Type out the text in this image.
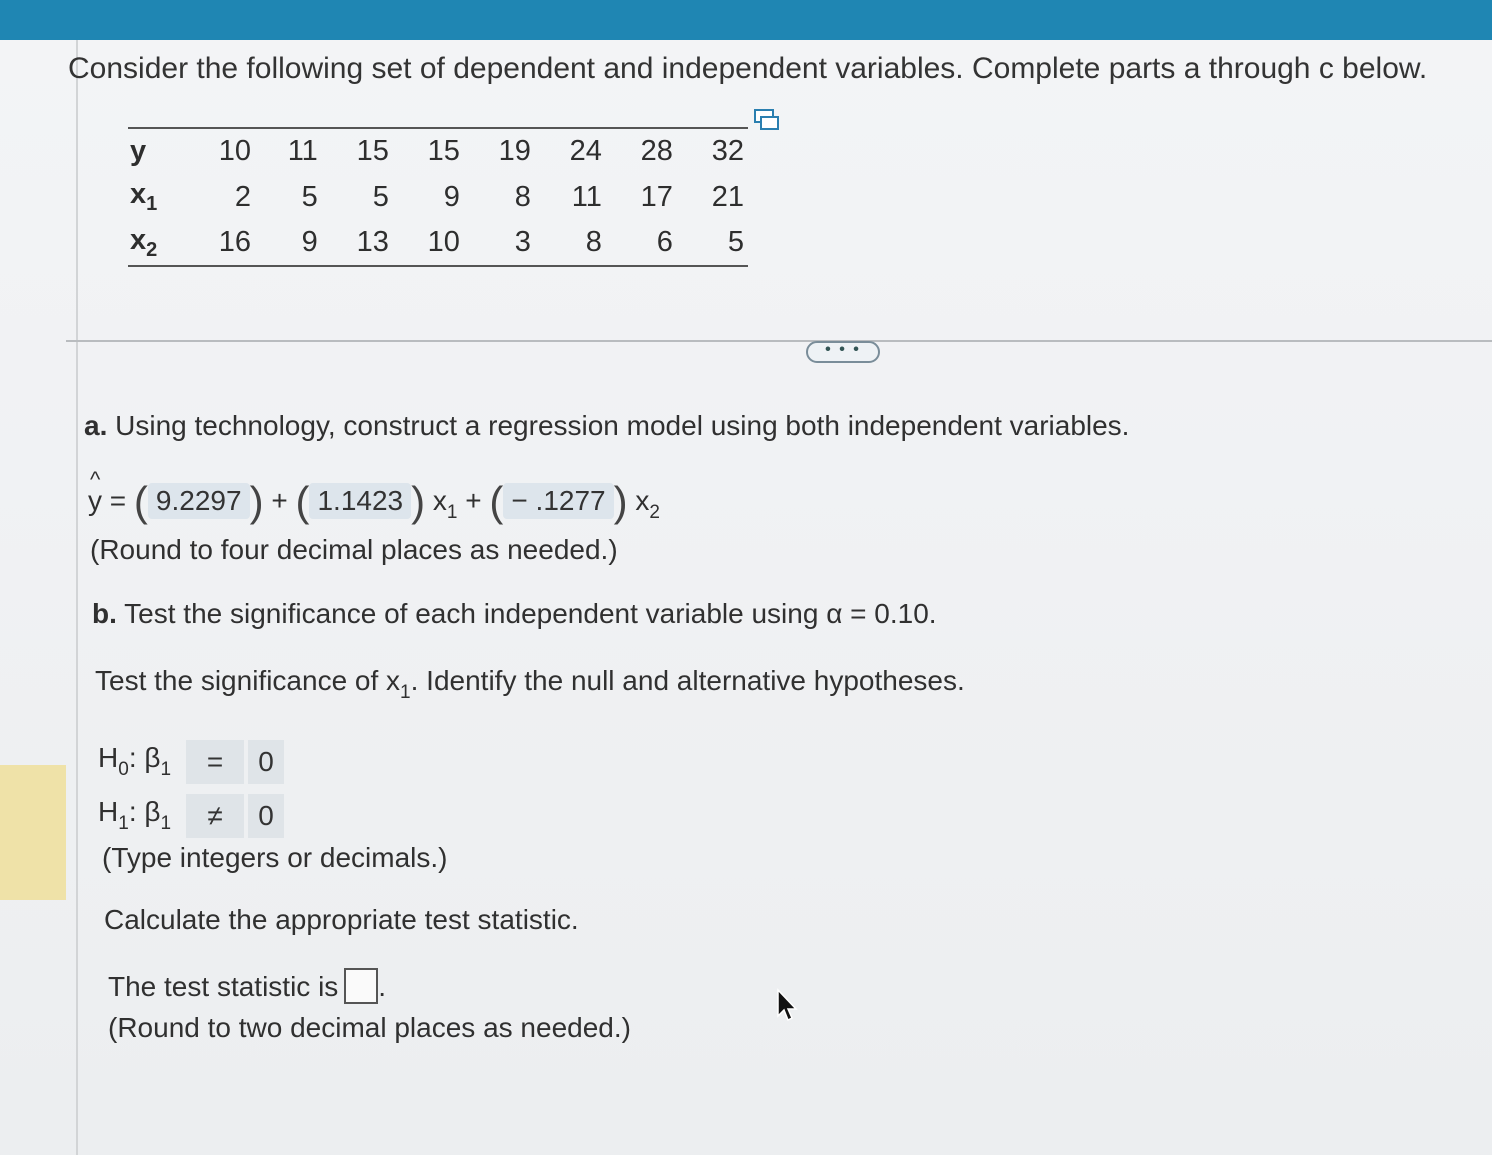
Consider the following set of dependent and independent variables. Complete parts a through c below.
y	10	11	15	15	19	24	28	32
$x_1$	2	5	5	9	8	11	17	21
$x_2$	16	9	13	10	3	8	6	5
• • •
a. Using technology, construct a regression model using both independent variables.
^
y = ( 9.2297 ) + ( 1.1423 ) $x_1$ + ( − .1277 ) $x_2$
(Round to four decimal places as needed.)
b. Test the significance of each independent variable using α = 0.10.
Test the significance of $x_1$. Identify the null and alternative hypotheses.
$H_0$: $\beta_1$	=	0
$H_1$: $\beta_1$	≠	0
(Type integers or decimals.)
Calculate the appropriate test statistic.
The test statistic is .
(Round to two decimal places as needed.)
